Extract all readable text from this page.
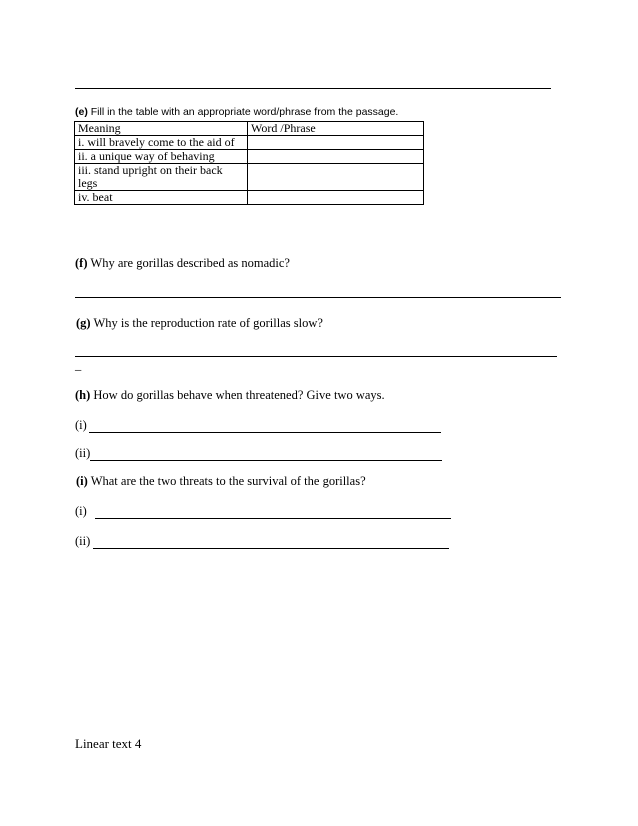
(e) Fill in the table with an appropriate word/phrase from the passage.
Meaning	Word /Phrase
i. will bravely come to the aid of	
ii. a unique way of behaving	
iii. stand upright on their back legs	
iv. beat	
(f) Why are gorillas described as nomadic?
(g) Why is the reproduction rate of gorillas slow?
_
(h) How do gorillas behave when threatened? Give two ways.
(i)
(ii)
(i) What are the two threats to the survival of the gorillas?
(i)
(ii)
Linear text 4
